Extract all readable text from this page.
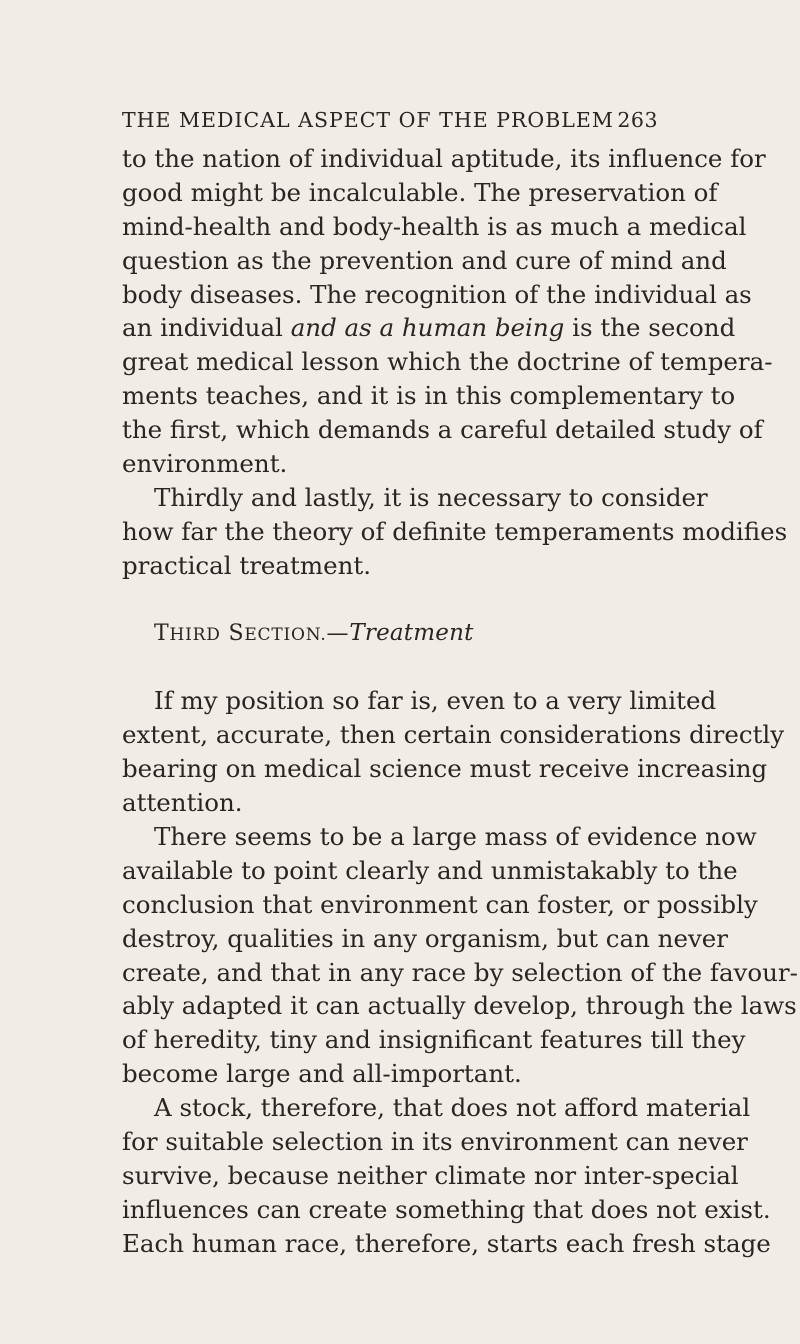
THE MEDICAL ASPECT OF THE PROBLEM 263
to the nation of individual aptitude, its influence for
good might be incalculable. The preservation of
mind-health and body-health is as much a medical
question as the prevention and cure of mind and
body diseases. The recognition of the individual as
an individual and as a human being is the second
great medical lesson which the doctrine of tempera-
ments teaches, and it is in this complementary to
the first, which demands a careful detailed study of
environment.
Thirdly and lastly, it is necessary to consider
how far the theory of definite temperaments modifies
practical treatment.
THIRD SECTION.—Treatment
If my position so far is, even to a very limited
extent, accurate, then certain considerations directly
bearing on medical science must receive increasing
attention.
There seems to be a large mass of evidence now
available to point clearly and unmistakably to the
conclusion that environment can foster, or possibly
destroy, qualities in any organism, but can never
create, and that in any race by selection of the favour-
ably adapted it can actually develop, through the laws
of heredity, tiny and insignificant features till they
become large and all-important.
A stock, therefore, that does not afford material
for suitable selection in its environment can never
survive, because neither climate nor inter-special
influences can create something that does not exist.
Each human race, therefore, starts each fresh stage
